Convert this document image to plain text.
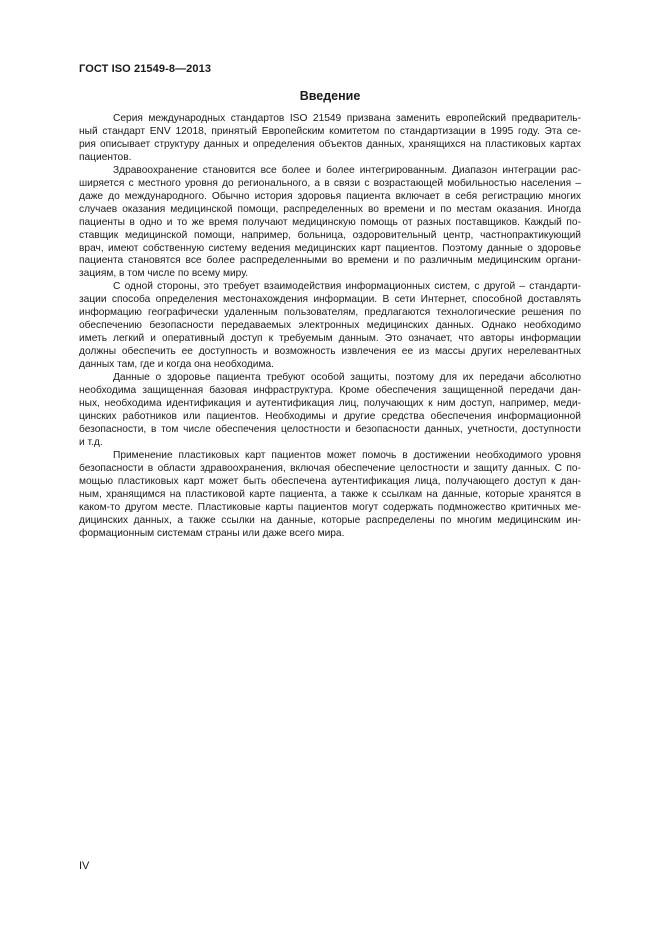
ГОСТ ISO 21549-8—2013
Введение
Серия международных стандартов ISO 21549 призвана заменить европейский предваритель-
ный стандарт ENV 12018, принятый Европейским комитетом по стандартизации в 1995 году. Эта се-
рия описывает структуру данных и определения объектов данных, хранящихся на пластиковых картах
пациентов.
Здравоохранение становится все более и более интегрированным. Диапазон интеграции рас-
ширяется с местного уровня до регионального, а в связи с возрастающей мобильностью населения –
даже до международного. Обычно история здоровья пациента включает в себя регистрацию многих
случаев оказания медицинской помощи, распределенных во времени и по местам оказания. Иногда
пациенты в одно и то же время получают медицинскую помощь от разных поставщиков. Каждый по-
ставщик медицинской помощи, например, больница, оздоровительный центр, частнопрактикующий
врач, имеют собственную систему ведения медицинских карт пациентов. Поэтому данные о здоровье
пациента становятся все более распределенными во времени и по различным медицинским органи-
зациям, в том числе по всему миру.
С одной стороны, это требует взаимодействия информационных систем, с другой – стандарти-
зации способа определения местонахождения информации. В сети Интернет, способной доставлять
информацию географически удаленным пользователям, предлагаются технологические решения по
обеспечению безопасности передаваемых электронных медицинских данных. Однако необходимо
иметь легкий и оперативный доступ к требуемым данным. Это означает, что авторы информации
должны обеспечить ее доступность и возможность извлечения ее из массы других нерелевантных
данных там, где и когда она необходима.
Данные о здоровье пациента требуют особой защиты, поэтому для их передачи абсолютно
необходима защищенная базовая инфраструктура. Кроме обеспечения защищенной передачи дан-
ных, необходима идентификация и аутентификация лиц, получающих к ним доступ, например, меди-
цинских работников или пациентов. Необходимы и другие средства обеспечения информационной
безопасности, в том числе обеспечения целостности и безопасности данных, учетности, доступности
и т.д.
Применение пластиковых карт пациентов может помочь в достижении необходимого уровня
безопасности в области здравоохранения, включая обеспечение целостности и защиту данных. С по-
мощью пластиковых карт может быть обеспечена аутентификация лица, получающего доступ к дан-
ным, хранящимся на пластиковой карте пациента, а также к ссылкам на данные, которые хранятся в
каком-то другом месте. Пластиковые карты пациентов могут содержать подмножество критичных ме-
дицинских данных, а также ссылки на данные, которые распределены по многим медицинским ин-
формационным системам страны или даже всего мира.
IV
